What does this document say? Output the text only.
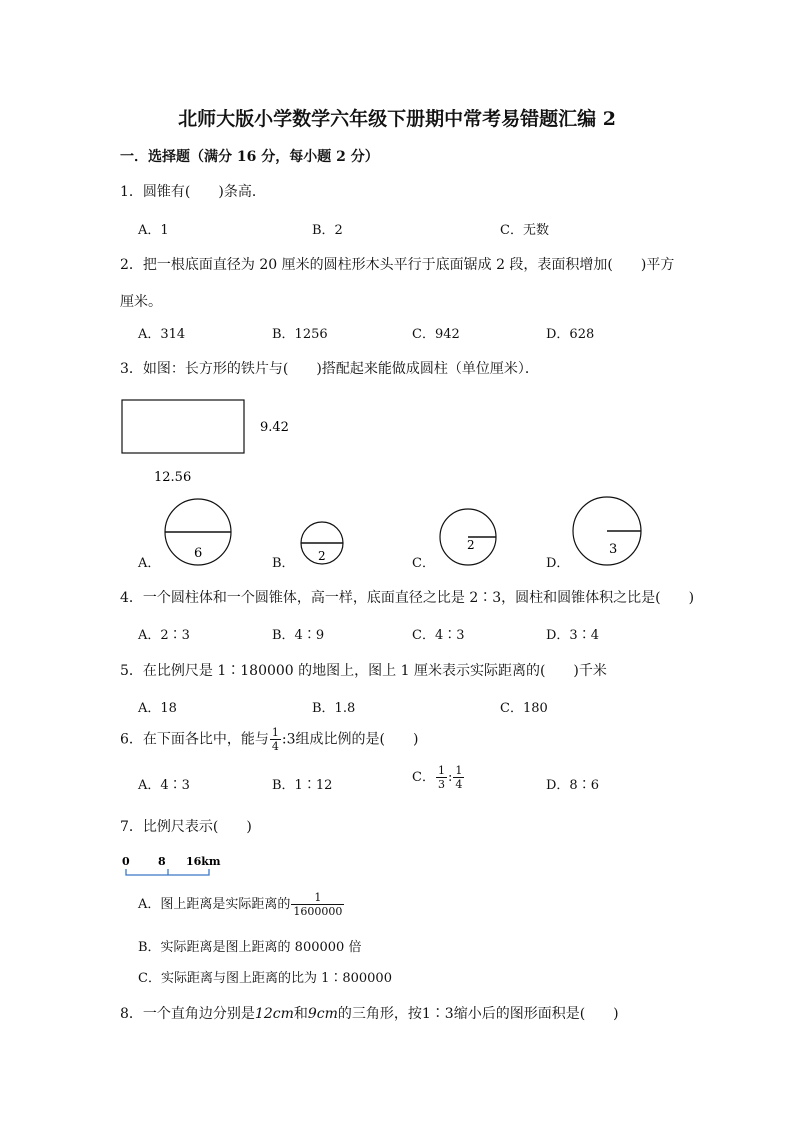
北师大版小学数学六年级下册期中常考易错题汇编 2
一．选择题（满分 16 分，每小题 2 分）
1．圆锥有(　　)条高．
A．1	B．2	C．无数
2．把一根底面直径为 20 厘米的圆柱形木头平行于底面锯成 2 段，表面积增加(　　)平方
厘米。
A．314	B．1256	C．942	D．628
3．如图：长方形的铁片与(　　)搭配起来能做成圆柱（单位厘米）．
9.42
12.56
A．
6
B． 2	C．
2
D．
3
4．一个圆柱体和一个圆锥体，高一样，底面直径之比是 2∶3，圆柱和圆锥体积之比是(　　)
A．2∶3	B．4∶9	C．4∶3	D．3∶4
5．在比例尺是 1∶180000 的地图上，图上 1 厘米表示实际距离的(　　)千米
A．18	B．1.8	C．180
6．在下面各比中，能与 $\frac{1}{4}$ :3组成比例的是(　　)
A．4∶3	B．1∶12
C． $\frac{1}{3}$ : $\frac{1}{4}$	D．8∶6
7．比例尺表示(　　)
0	8 16km
A．图上距离是实际距离的 $\frac{1}{1600000}$
B．实际距离是图上距离的 800000 倍
C．实际距离与图上距离的比为 1∶800000
8．一个直角边分别是12cm和9cm的三角形，按1∶3缩小后的图形面积是(　　)
